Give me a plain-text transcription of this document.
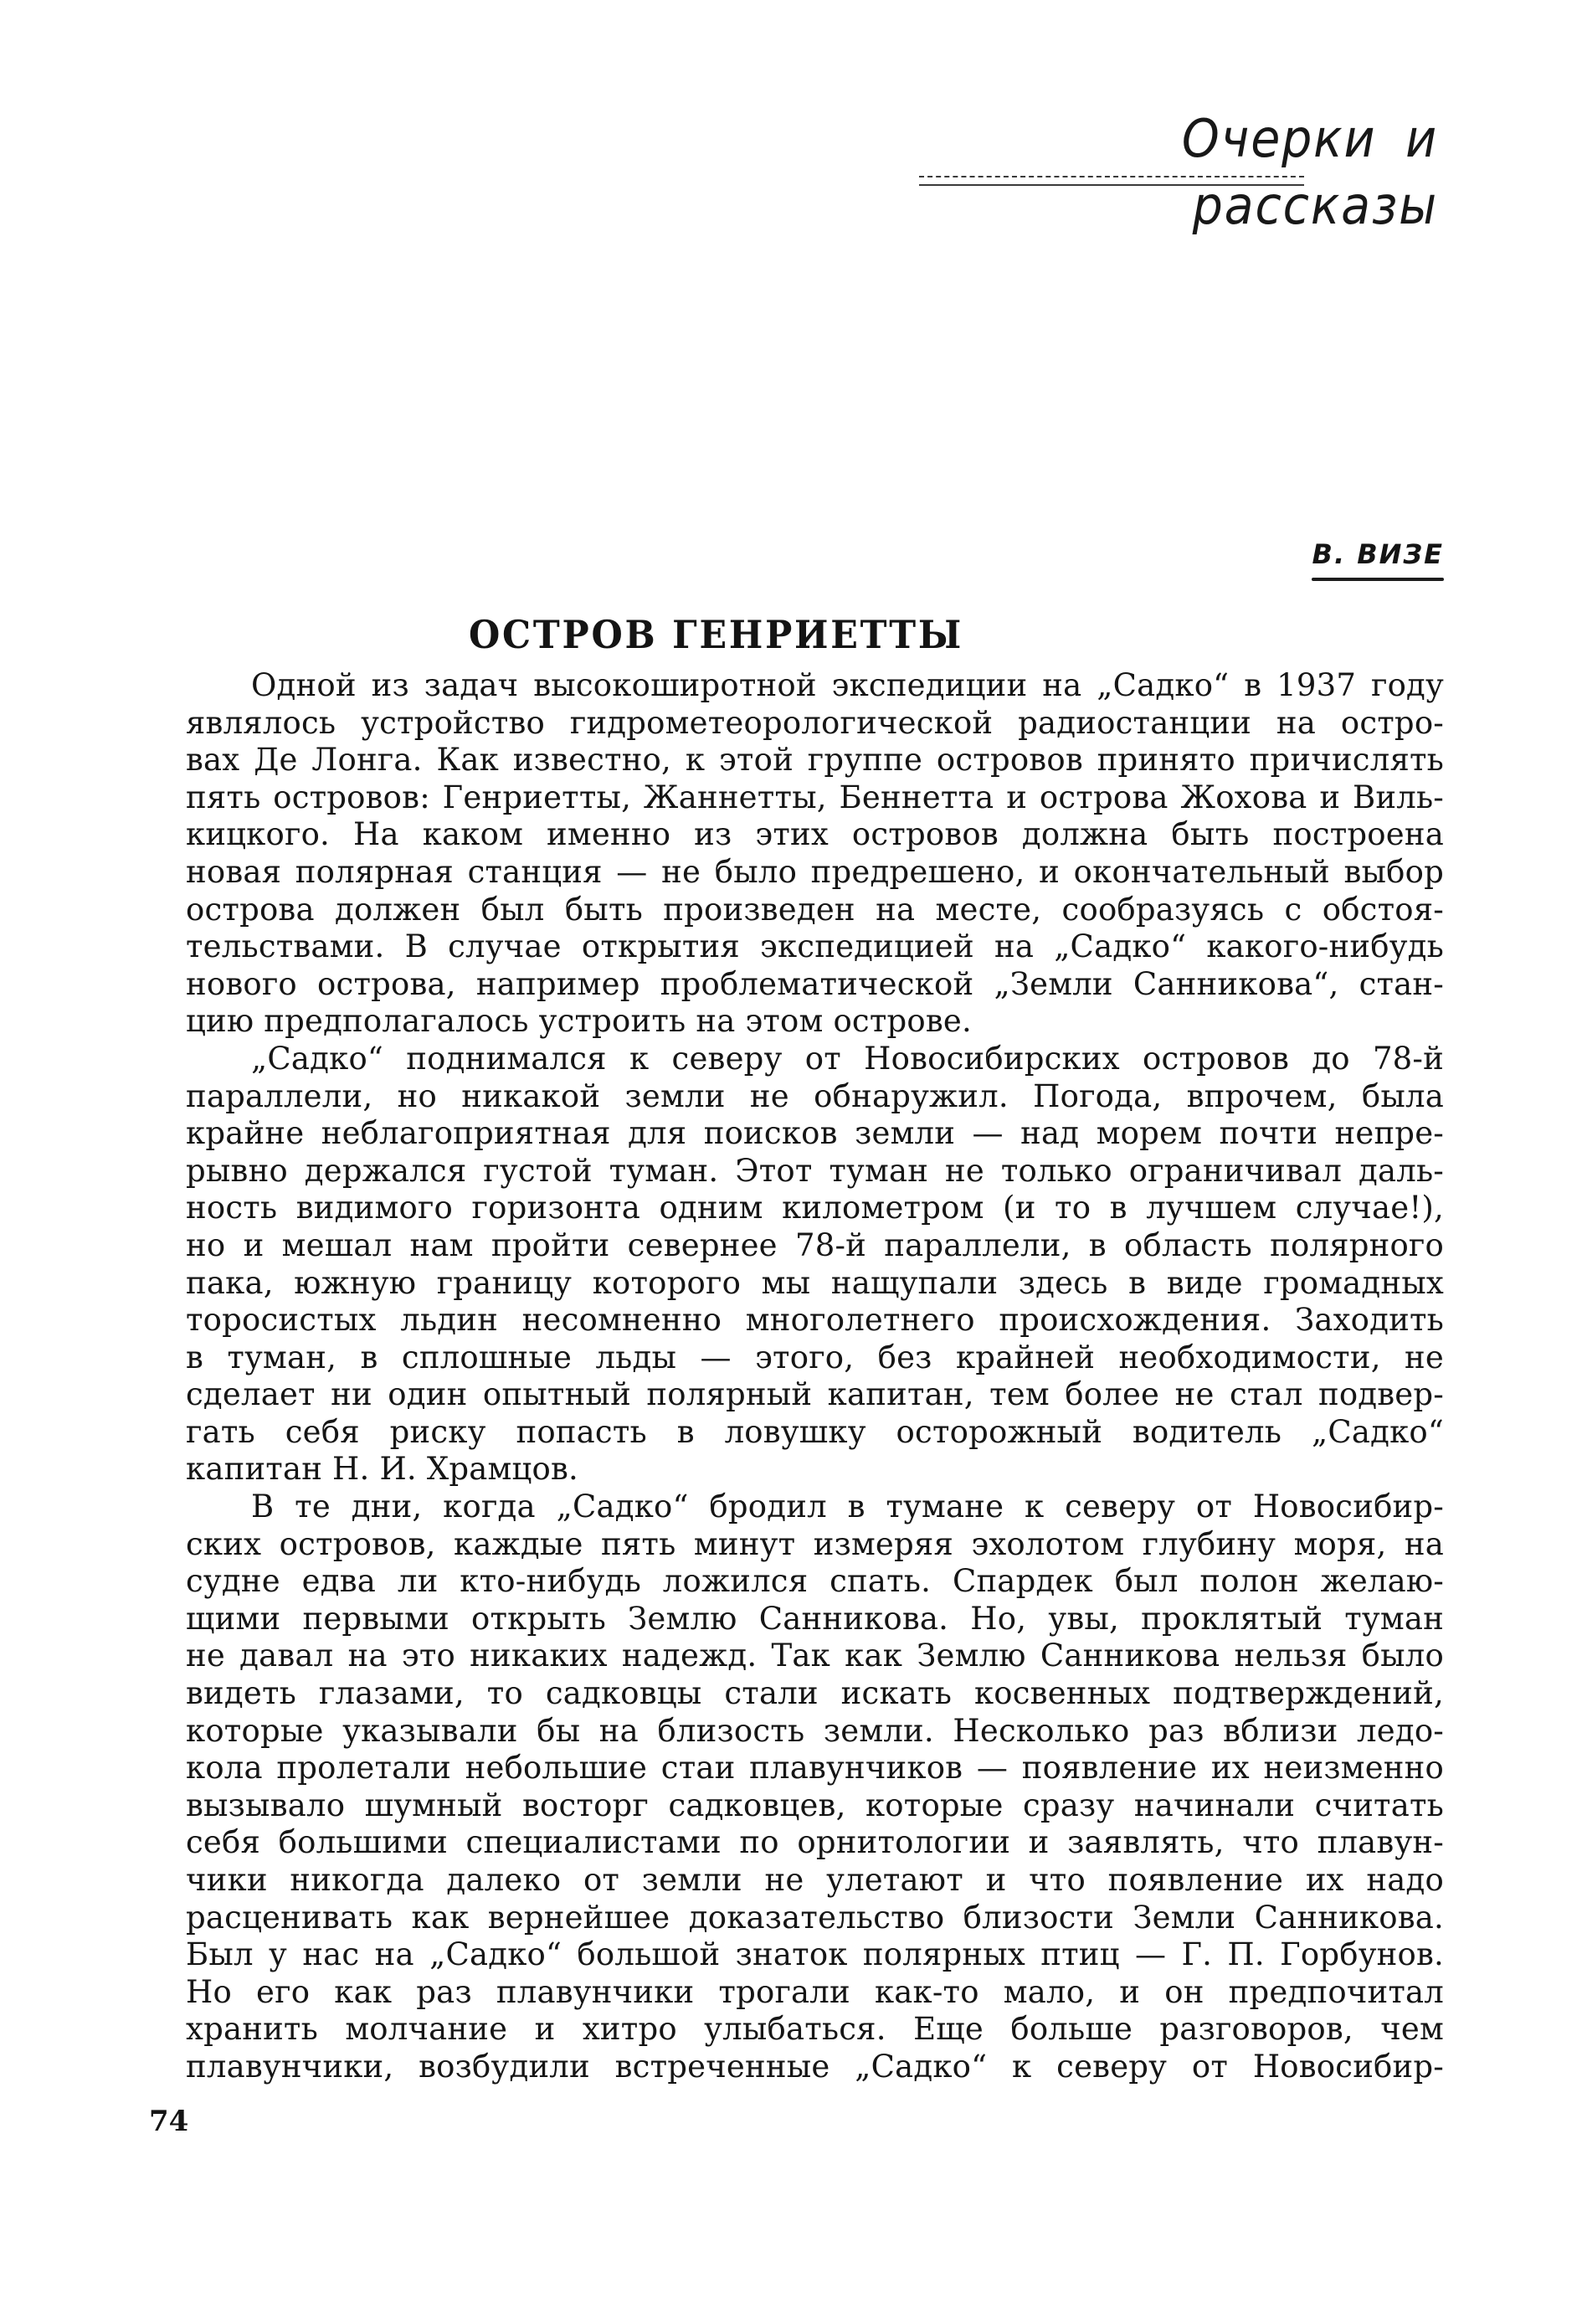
Очерки и рассказы
В. ВИЗЕ
ОСТРОВ ГЕНРИЕТТЫ
Одной из задач высокоширотной экспедиции на „Садко“ в 1937 году
являлось устройство гидрометеорологической радиостанции на остро-
вах Де Лонга. Как известно, к этой группе островов принято причислять
пять островов: Генриетты, Жаннетты, Беннетта и острова Жохова и Виль-
кицкого. На каком именно из этих островов должна быть построена
новая полярная станция — не было предрешено, и окончательный выбор
острова должен был быть произведен на месте, сообразуясь с обстоя-
тельствами. В случае открытия экспедицией на „Садко“ какого-нибудь
нового острова, например проблематической „Земли Санникова“, стан-
цию предполагалось устроить на этом острове.
„Садко“ поднимался к северу от Новосибирских островов до 78-й
параллели, но никакой земли не обнаружил. Погода, впрочем, была
крайне неблагоприятная для поисков земли — над морем почти непре-
рывно держался густой туман. Этот туман не только ограничивал даль-
ность видимого горизонта одним километром (и то в лучшем случае!),
но и мешал нам пройти севернее 78-й параллели, в область полярного
пака, южную границу которого мы нащупали здесь в виде громадных
торосистых льдин несомненно многолетнего происхождения. Заходить
в туман, в сплошные льды — этого, без крайней необходимости, не
сделает ни один опытный полярный капитан, тем более не стал подвер-
гать себя риску попасть в ловушку осторожный водитель „Садко“
капитан Н. И. Храмцов.
В те дни, когда „Садко“ бродил в тумане к северу от Новосибир-
ских островов, каждые пять минут измеряя эхолотом глубину моря, на
судне едва ли кто-нибудь ложился спать. Спардек был полон желаю-
щими первыми открыть Землю Санникова. Но, увы, проклятый туман
не давал на это никаких надежд. Так как Землю Санникова нельзя было
видеть глазами, то садковцы стали искать косвенных подтверждений,
которые указывали бы на близость земли. Несколько раз вблизи ледо-
кола пролетали небольшие стаи плавунчиков — появление их неизменно
вызывало шумный восторг садковцев, которые сразу начинали считать
себя большими специалистами по орнитологии и заявлять, что плавун-
чики никогда далеко от земли не улетают и что появление их надо
расценивать как вернейшее доказательство близости Земли Санникова.
Был у нас на „Садко“ большой знаток полярных птиц — Г. П. Горбунов.
Но его как раз плавунчики трогали как-то мало, и он предпочитал
хранить молчание и хитро улыбаться. Еще больше разговоров, чем
плавунчики, возбудили встреченные „Садко“ к северу от Новосибир-
74
